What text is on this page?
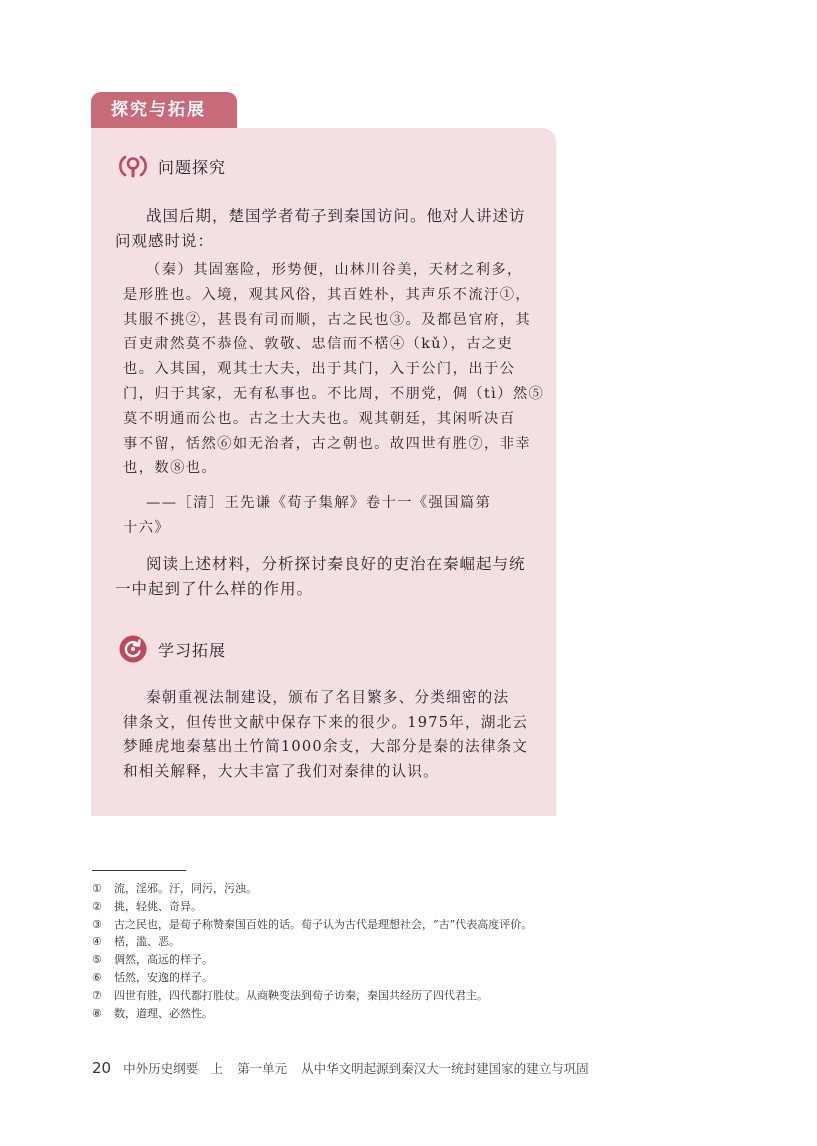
探究与拓展
问题探究
战国后期，楚国学者荀子到秦国访问。他对人讲述访
问观感时说：
（秦）其固塞险，形势便，山林川谷美，天材之利多，
是形胜也。入境，观其风俗，其百姓朴，其声乐不流汙①，
其服不挑②，甚畏有司而顺，古之民也③。及都邑官府，其
百吏肃然莫不恭俭、敦敬、忠信而不楛④（kǔ），古之吏
也。入其国，观其士大夫，出于其门，入于公门，出于公
门，归于其家，无有私事也。不比周，不朋党，倜（tì）然⑤
莫不明通而公也。古之士大夫也。观其朝廷，其闲听决百
事不留，恬然⑥如无治者，古之朝也。故四世有胜⑦，非幸
也，数⑧也。
——［清］王先谦《荀子集解》卷十一《强国篇第
十六》
阅读上述材料，分析探讨秦良好的吏治在秦崛起与统
一中起到了什么样的作用。
学习拓展
秦朝重视法制建设，颁布了名目繁多、分类细密的法
律条文，但传世文献中保存下来的很少。1975年，湖北云
梦睡虎地秦墓出土竹简1000余支，大部分是秦的法律条文
和相关解释，大大丰富了我们对秦律的认识。
①	流，淫邪。汙，同污，污浊。
②	挑，轻佻、奇异。
③	古之民也，是荀子称赞秦国百姓的话。荀子认为古代是理想社会，“古”代表高度评价。
④	楛，滥、恶。
⑤	倜然，高远的样子。
⑥	恬然，安逸的样子。
⑦	四世有胜，四代都打胜仗。从商鞅变法到荀子访秦，秦国共经历了四代君主。
⑧	数，道理、必然性。
20 中外历史纲要　上 第一单元 从中华文明起源到秦汉大一统封建国家的建立与巩固
